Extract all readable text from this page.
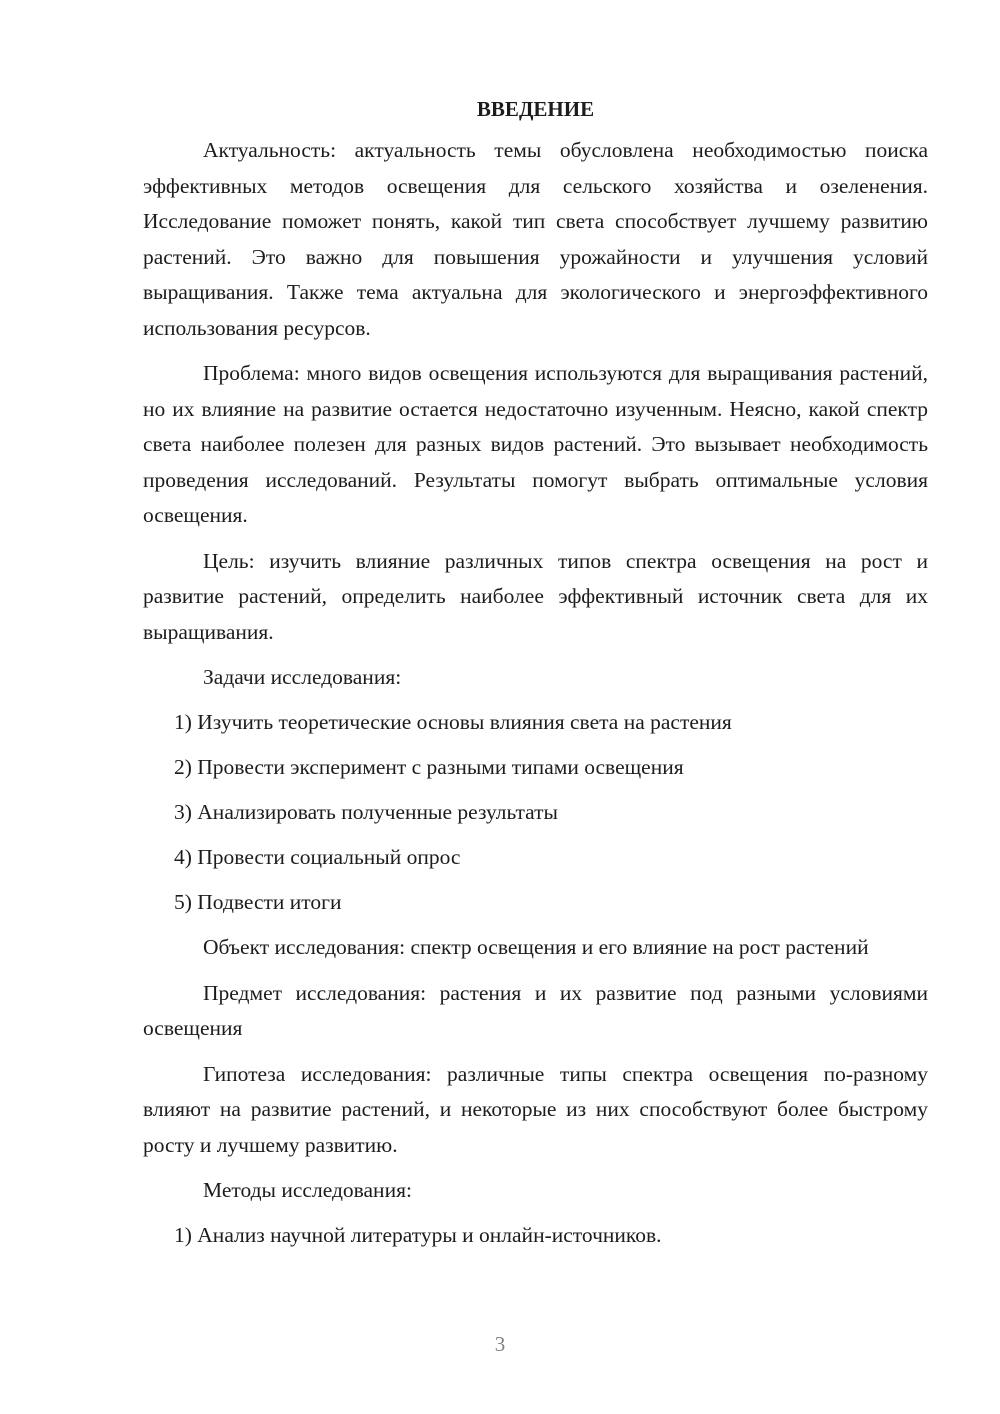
ВВЕДЕНИЕ

Актуальность: актуальность темы обусловлена необходимостью поиска эффективных методов освещения для сельского хозяйства и озеленения. Исследование поможет понять, какой тип света способствует лучшему развитию растений. Это важно для повышения урожайности и улучшения условий выращивания. Также тема актуальна для экологического и энергоэффективного использования ресурсов.

Проблема: много видов освещения используются для выращивания растений, но их влияние на развитие остается недостаточно изученным. Неясно, какой спектр света наиболее полезен для разных видов растений. Это вызывает необходимость проведения исследований. Результаты помогут выбрать оптимальные условия освещения.

Цель: изучить влияние различных типов спектра освещения на рост и развитие растений, определить наиболее эффективный источник света для их выращивания.

Задачи исследования:

1) Изучить теоретические основы влияния света на растения
2) Провести эксперимент с разными типами освещения
3) Анализировать полученные результаты
4) Провести социальный опрос
5) Подвести итоги

Объект исследования: спектр освещения и его влияние на рост растений

Предмет исследования: растения и их развитие под разными условиями освещения

Гипотеза исследования: различные типы спектра освещения по-разному влияют на развитие растений, и некоторые из них способствуют более быстрому росту и лучшему развитию.

Методы исследования:

1) Анализ научной литературы и онлайн-источников.
3
